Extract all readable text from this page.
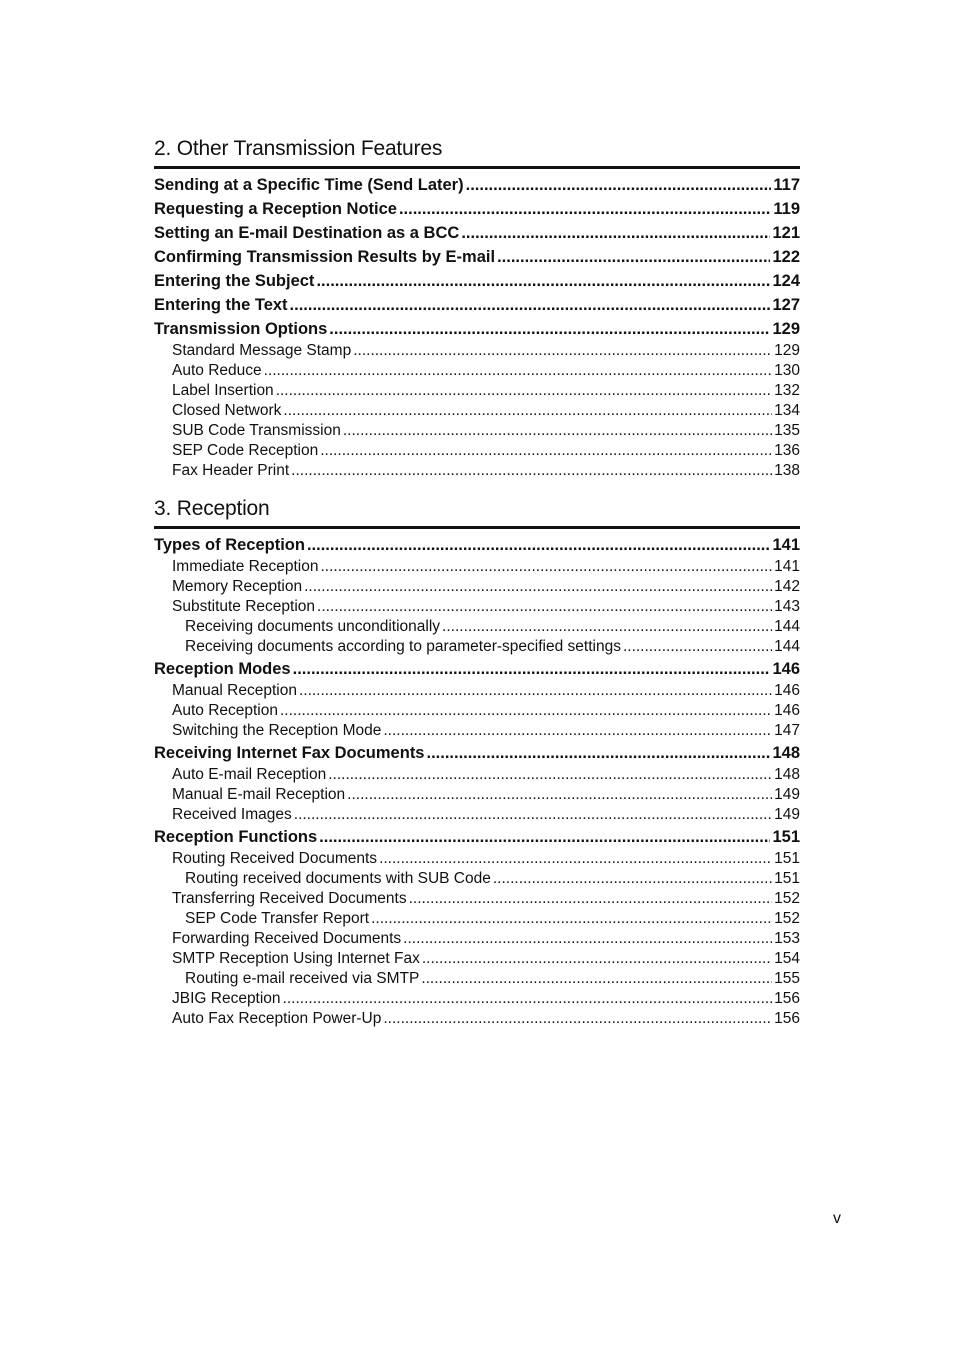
2. Other Transmission Features
Sending at a Specific Time (Send Later) .....	117
Requesting a Reception Notice .....	119
Setting an E-mail Destination as a BCC .....	121
Confirming Transmission Results by E-mail .....	122
Entering the Subject .....	124
Entering the Text .....	127
Transmission Options .....	129
Standard Message Stamp .....	129
Auto Reduce .....	130
Label Insertion .....	132
Closed Network .....	134
SUB Code Transmission .....	135
SEP Code Reception .....	136
Fax Header Print .....	138
3. Reception
Types of Reception .....	141
Immediate Reception .....	141
Memory Reception .....	142
Substitute Reception .....	143
Receiving documents unconditionally .....	144
Receiving documents according to parameter-specified settings .....	144
Reception Modes .....	146
Manual Reception .....	146
Auto Reception .....	146
Switching the Reception Mode .....	147
Receiving Internet Fax Documents .....	148
Auto E-mail Reception .....	148
Manual E-mail Reception .....	149
Received Images .....	149
Reception Functions .....	151
Routing Received Documents .....	151
Routing received documents with SUB Code .....	151
Transferring Received Documents .....	152
SEP Code Transfer Report .....	152
Forwarding Received Documents .....	153
SMTP Reception Using Internet Fax .....	154
Routing e-mail received via SMTP .....	155
JBIG Reception .....	156
Auto Fax Reception Power-Up .....	156
v
